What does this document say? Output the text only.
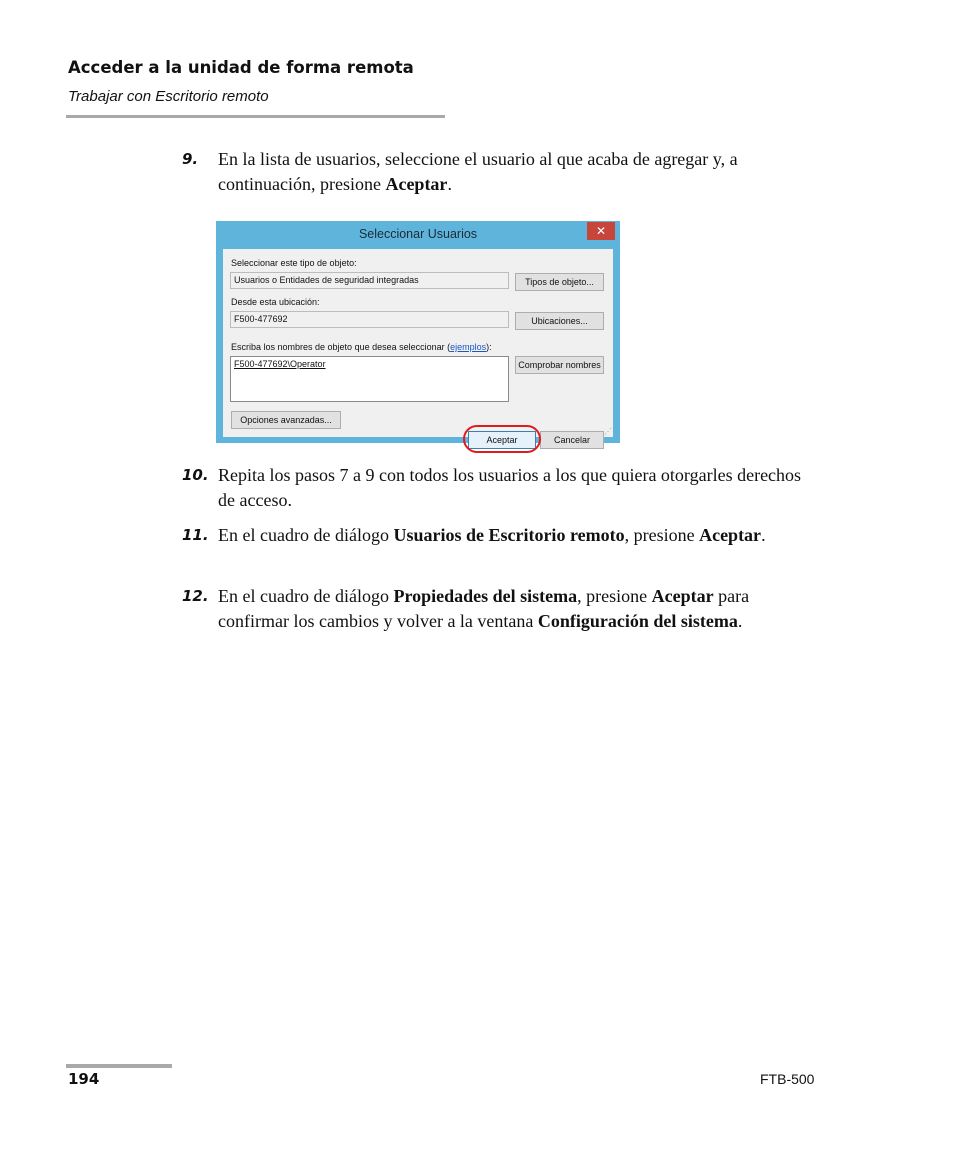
Acceder a la unidad de forma remota
Trabajar con Escritorio remoto
9. En la lista de usuarios, seleccione el usuario al que acaba de agregar y, a continuación, presione Aceptar.
Seleccionar Usuarios	✕
Seleccionar este tipo de objeto:
Usuarios o Entidades de seguridad integradas	Tipos de objeto...
Desde esta ubicación:
F500-477692	Ubicaciones...
Escriba los nombres de objeto que desea seleccionar (ejemplos):
F500-477692\Operator	Comprobar nombres
Opciones avanzadas...
Aceptar	Cancelar
⋰
10. Repita los pasos 7 a 9 con todos los usuarios a los que quiera otorgarles derechos de acceso.
11. En el cuadro de diálogo Usuarios de Escritorio remoto, presione Aceptar.
12. En el cuadro de diálogo Propiedades del sistema, presione Aceptar para confirmar los cambios y volver a la ventana Configuración del sistema.
194	FTB-500
